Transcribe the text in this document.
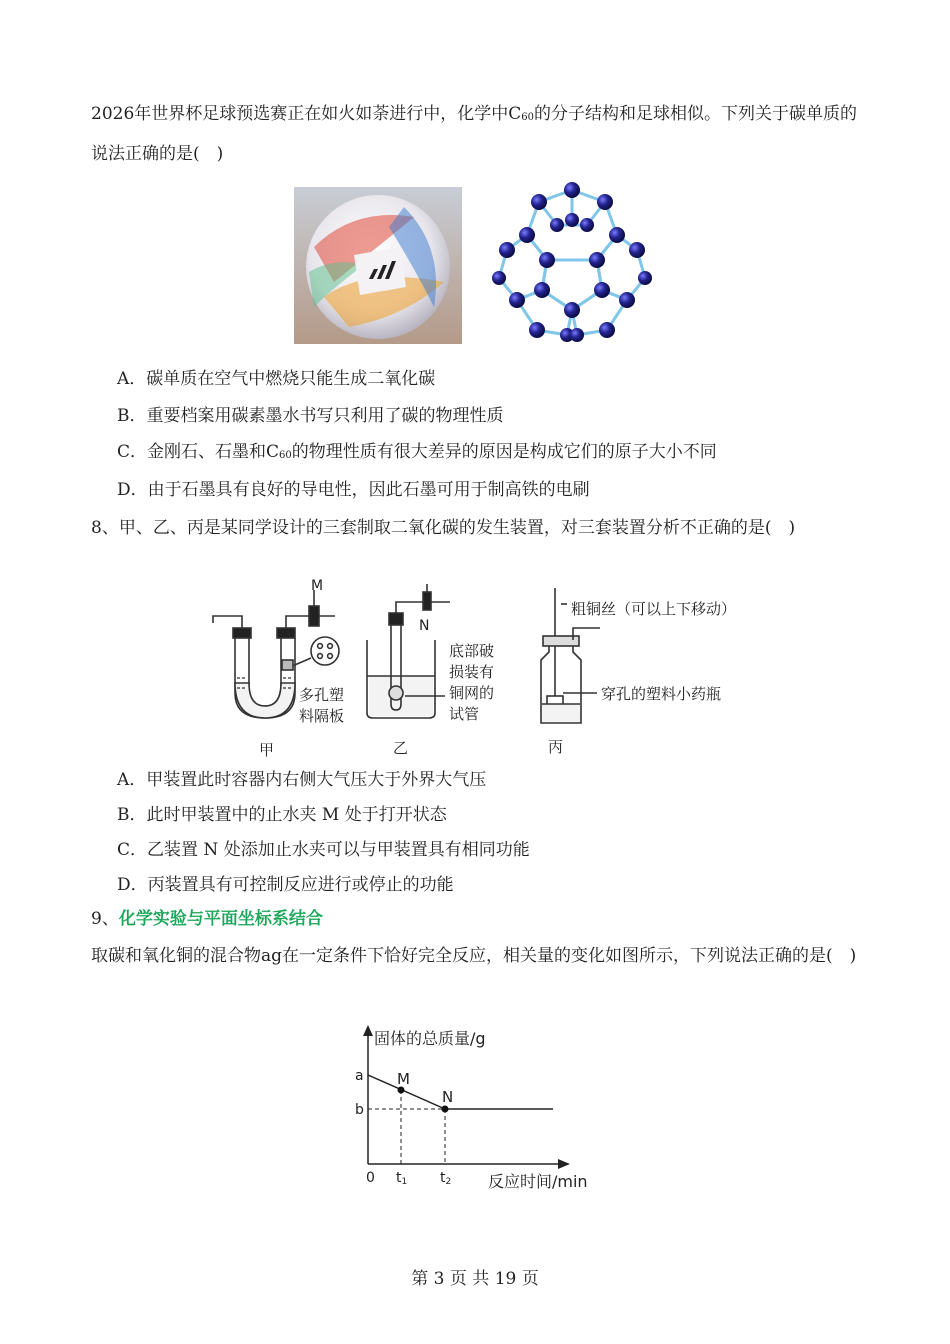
2026年世界杯足球预选赛正在如火如荼进行中，化学中$C_{60}$的分子结构和足球相似。下列关于碳单质的说法正确的是(　)
A．碳单质在空气中燃烧只能生成二氧化碳
B．重要档案用碳素墨水书写只利用了碳的物理性质
C．金刚石、石墨和$C_{60}$的物理性质有很大差异的原因是构成它们的原子大小不同
D．由于石墨具有良好的导电性，因此石墨可用于制高铁的电刷
8、甲、乙、丙是某同学设计的三套制取二氧化碳的发生装置，对三套装置分析不正确的是(　)
M
多孔塑
料隔板
甲
N
底部破
损装有
铜网的
试管
乙
粗铜丝（可以上下移动）
穿孔的塑料小药瓶
丙
A．甲装置此时容器内右侧大气压大于外界大气压
B．此时甲装置中的止水夹 M 处于打开状态
C．乙装置 N 处添加止水夹可以与甲装置具有相同功能
D．丙装置具有可控制反应进行或停止的功能
9、化学实验与平面坐标系结合
取碳和氧化铜的混合物ag在一定条件下恰好完全反应，相关量的变化如图所示，下列说法正确的是(　)
固体的总质量/g
反应时间/min
a
b
0 t1 t2
M
N
第 3 页 共 19 页
